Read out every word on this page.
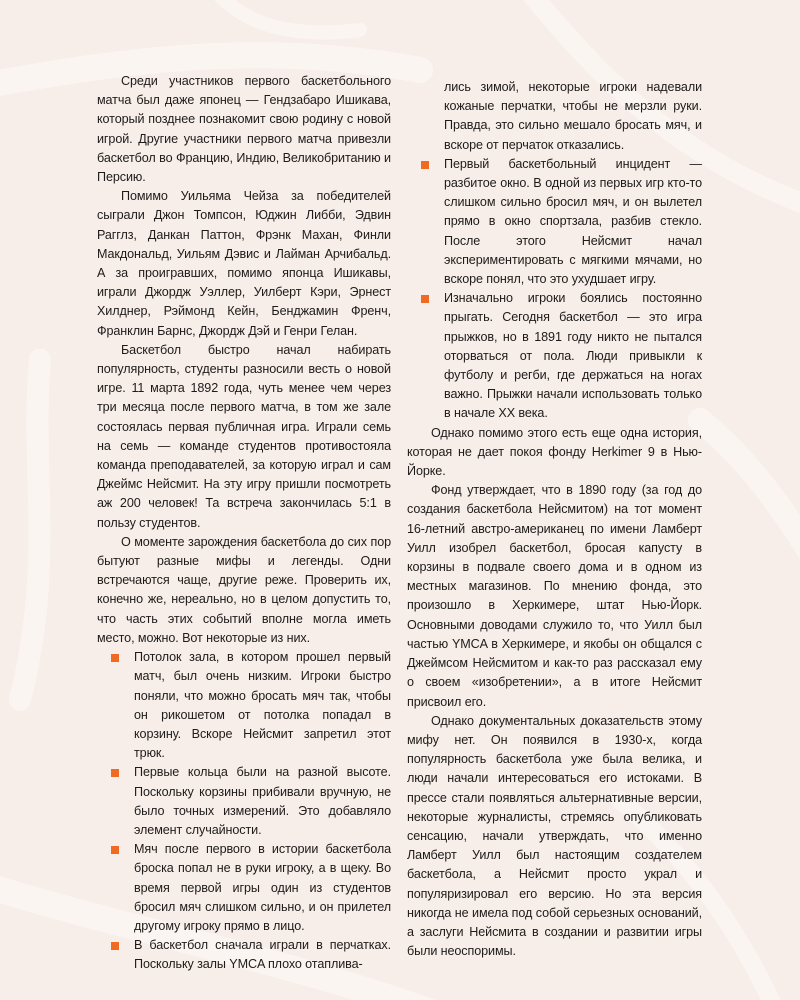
Среди участников первого баскетбольного матча был даже японец — Гендзабаро Ишикава, который позднее познакомит свою родину с новой игрой. Другие участники первого матча привезли баскетбол во Францию, Индию, Великобританию и Персию.

Помимо Уильяма Чейза за победителей сыграли Джон Томпсон, Юджин Либби, Эдвин Рагглз, Данкан Паттон, Фрэнк Махан, Финли Макдональд, Уильям Дэвис и Лайман Арчибальд. А за проигравших, помимо японца Ишикавы, играли Джордж Уэллер, Уилберт Кэри, Эрнест Хилднер, Рэймонд Кейн, Бенджамин Френч, Франклин Барнс, Джордж Дэй и Генри Гелан.

Баскетбол быстро начал набирать популярность, студенты разносили весть о новой игре. 11 марта 1892 года, чуть менее чем через три месяца после первого матча, в том же зале состоялась первая публичная игра. Играли семь на семь — команде студентов противостояла команда преподавателей, за которую играл и сам Джеймс Нейсмит. На эту игру пришли посмотреть аж 200 человек! Та встреча закончилась 5:1 в пользу студентов.

О моменте зарождения баскетбола до сих пор бытуют разные мифы и легенды. Одни встречаются чаще, другие реже. Проверить их, конечно же, нереально, но в целом допустить то, что часть этих событий вполне могла иметь место, можно. Вот некоторые из них.

Потолок зала, в котором прошел первый матч, был очень низким. Игроки быстро поняли, что можно бросать мяч так, чтобы он рикошетом от потолка попадал в корзину. Вскоре Нейсмит запретил этот трюк.
Первые кольца были на разной высоте. Поскольку корзины прибивали вручную, не было точных измерений. Это добавляло элемент случайности.
Мяч после первого в истории баскетбола броска попал не в руки игроку, а в щеку. Во время первой игры один из студентов бросил мяч слишком сильно, и он прилетел другому игроку прямо в лицо.
В баскетбол сначала играли в перчатках. Поскольку залы YMCA плохо отаплива-
лись зимой, некоторые игроки надевали кожаные перчатки, чтобы не мерзли руки. Правда, это сильно мешало бросать мяч, и вскоре от перчаток отказались.
Первый баскетбольный инцидент — разбитое окно. В одной из первых игр кто-то слишком сильно бросил мяч, и он вылетел прямо в окно спортзала, разбив стекло. После этого Нейсмит начал экспериментировать с мягкими мячами, но вскоре понял, что это ухудшает игру.
Изначально игроки боялись постоянно прыгать. Сегодня баскетбол — это игра прыжков, но в 1891 году никто не пытался оторваться от пола. Люди привыкли к футболу и регби, где держаться на ногах важно. Прыжки начали использовать только в начале XX века.

Однако помимо этого есть еще одна история, которая не дает покоя фонду Herkimer 9 в Нью-Йорке.

Фонд утверждает, что в 1890 году (за год до создания баскетбола Нейсмитом) на тот момент 16-летний австро-американец по имени Ламберт Уилл изобрел баскетбол, бросая капусту в корзины в подвале своего дома и в одном из местных магазинов. По мнению фонда, это произошло в Херкимере, штат Нью-Йорк. Основными доводами служило то, что Уилл был частью YMCA в Херкимере, и якобы он общался с Джеймсом Нейсмитом и как-то раз рассказал ему о своем «изобретении», а в итоге Нейсмит присвоил его.

Однако документальных доказательств этому мифу нет. Он появился в 1930-х, когда популярность баскетбола уже была велика, и люди начали интересоваться его истоками. В прессе стали появляться альтернативные версии, некоторые журналисты, стремясь опубликовать сенсацию, начали утверждать, что именно Ламберт Уилл был настоящим создателем баскетбола, а Нейсмит просто украл и популяризировал его версию. Но эта версия никогда не имела под собой серьезных оснований, а заслуги Нейсмита в создании и развитии игры были неоспоримы.
